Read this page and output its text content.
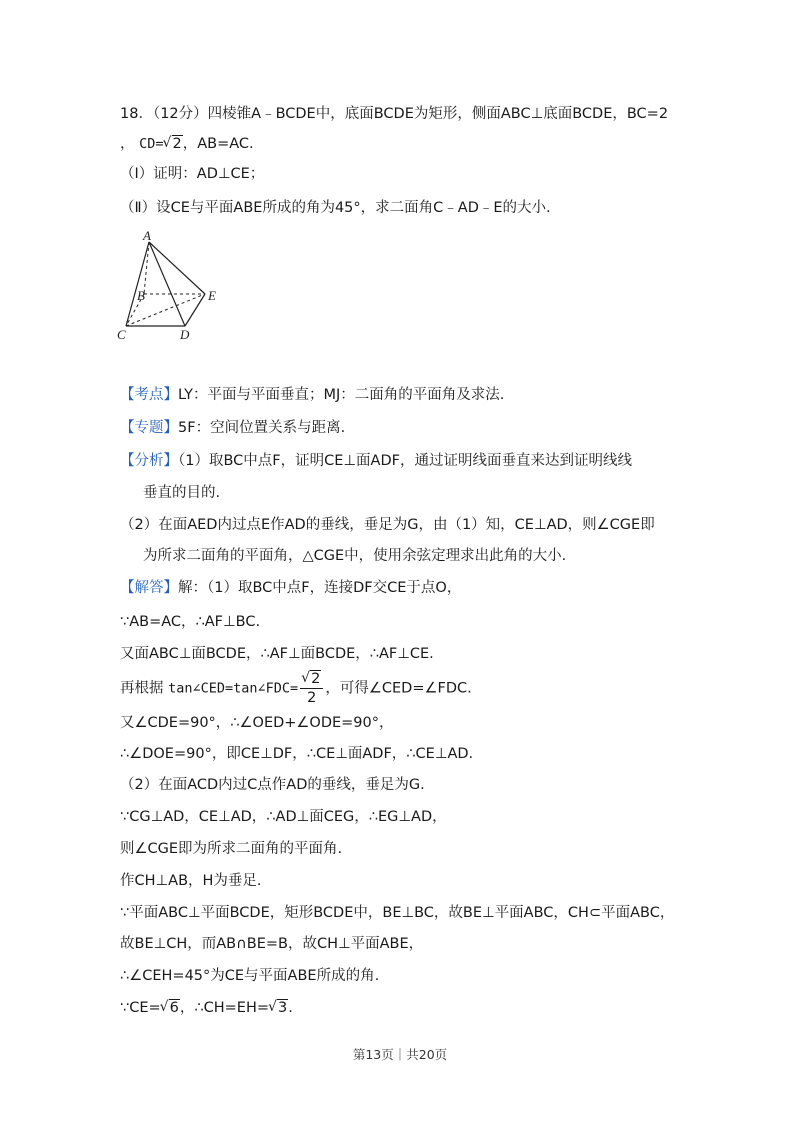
18．（12分）四棱锥A﹣BCDE中，底面BCDE为矩形，侧面ABC⊥底面BCDE，BC=2
， CD= √ 2，AB=AC.
（Ⅰ）证明：AD⊥CE；
（Ⅱ）设CE与平面ABE所成的角为45°，求二面角C﹣AD﹣E的大小.
A
B
C	D
E
【考点】LY：平面与平面垂直；MJ：二面角的平面角及求法.
【专题】5F：空间位置关系与距离.
【分析】（1）取BC中点F，证明CE⊥面ADF，通过证明线面垂直来达到证明线线
垂直的目的.
（2）在面AED内过点E作AD的垂线，垂足为G，由（1）知，CE⊥AD，则∠CGE即
为所求二面角的平面角，△CGE中，使用余弦定理求出此角的大小.
【解答】解：（1）取BC中点F，连接DF交CE于点O，
∵AB=AC，∴AF⊥BC.
又面ABC⊥面BCDE，∴AF⊥面BCDE，∴AF⊥CE.
再根据 tan∠CED=tan∠FDC= √ $\frac{2}{2}$ ，可得∠CED=∠FDC.
又∠CDE=90°，∴∠OED+∠ODE=90°，
∴∠DOE=90°，即CE⊥DF，∴CE⊥面ADF，∴CE⊥AD.
（2）在面ACD内过C点作AD的垂线，垂足为G.
∵CG⊥AD，CE⊥AD，∴AD⊥面CEG，∴EG⊥AD，
则∠CGE即为所求二面角的平面角.
作CH⊥AB，H为垂足.
∵平面ABC⊥平面BCDE，矩形BCDE中，BE⊥BC，故BE⊥平面ABC，CH⊂平面ABC，
故BE⊥CH，而AB∩BE=B，故CH⊥平面ABE，
∴∠CEH=45°为CE与平面ABE所成的角.
∵CE= √ 6，∴CH=EH= √ 3.
第13页｜共20页
